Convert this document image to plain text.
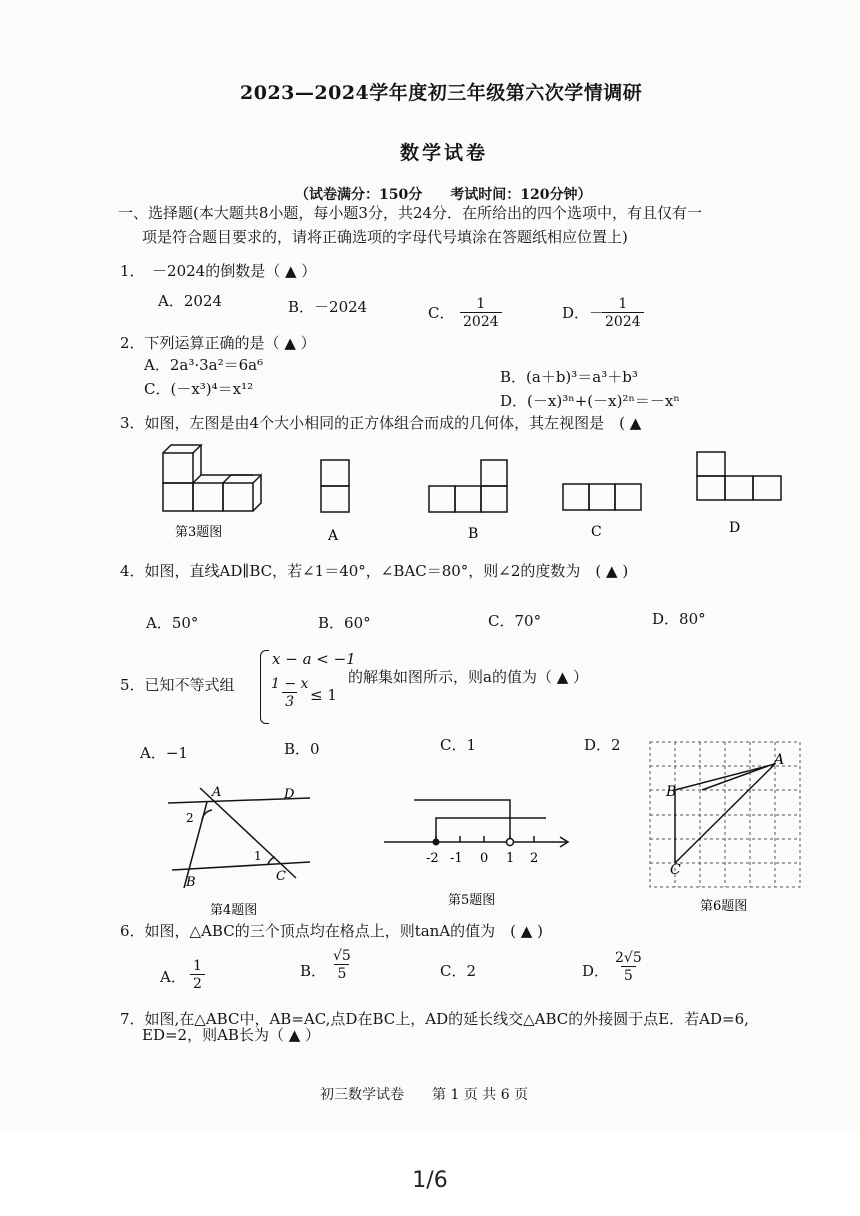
2023—2024学年度初三年级第六次学情调研
数学试卷
（试卷满分：150分　　考试时间：120分钟）
一、选择题(本大题共8小题，每小题3分，共24分．在所给出的四个选项中，有且仅有一
项是符合题目要求的，请将正确选项的字母代号填涂在答题纸相应位置上)
1．　－2024的倒数是（ ▲ ）
A．2024	B．－2024	C． $\frac{1}{2024}$	D．－
$\frac{1}{2024}$
2．下列运算正确的是（ ▲ ）
A．2a³·3a²＝6a⁶
B．(a＋b)³＝a³＋b³
C．(－x³)⁴＝x¹²
D．(－x)³ⁿ+(－x)²ⁿ＝－xⁿ
3．如图，左图是由4个大小相同的正方体组合而成的几何体，其左视图是　( ▲
第3题图	A	B	C	D
4．如图，直线AD∥BC，若∠1＝40°，∠BAC＝80°，则∠2的度数为　( ▲ )
A．50°	B．60°	C．70°	D．80°
5．已知不等式组
x − a < −1
$\frac{1 - x}{3}$
≤ 1
的解集如图所示，则a的值为（ ▲ ）
A．−1	B．0	C．1	D．2
A	D
2
1
B	C
第4题图
-2 -1 0 1 2
第5题图
A
B
C
第6题图
6．如图，△ABC的三个顶点均在格点上，则tanA的值为　( ▲ )
A． $\frac{1}{2}$	B． $\frac{√5}{5}$	C．2	D． $\frac{2√5}{5}$
7．如图,在△ABC中，AB=AC,点D在BC上，AD的延长线交△ABC的外接圆于点E．若AD=6,
ED=2，则AB长为（ ▲ ）
初三数学试卷　　第 1 页 共 6 页
1/6
